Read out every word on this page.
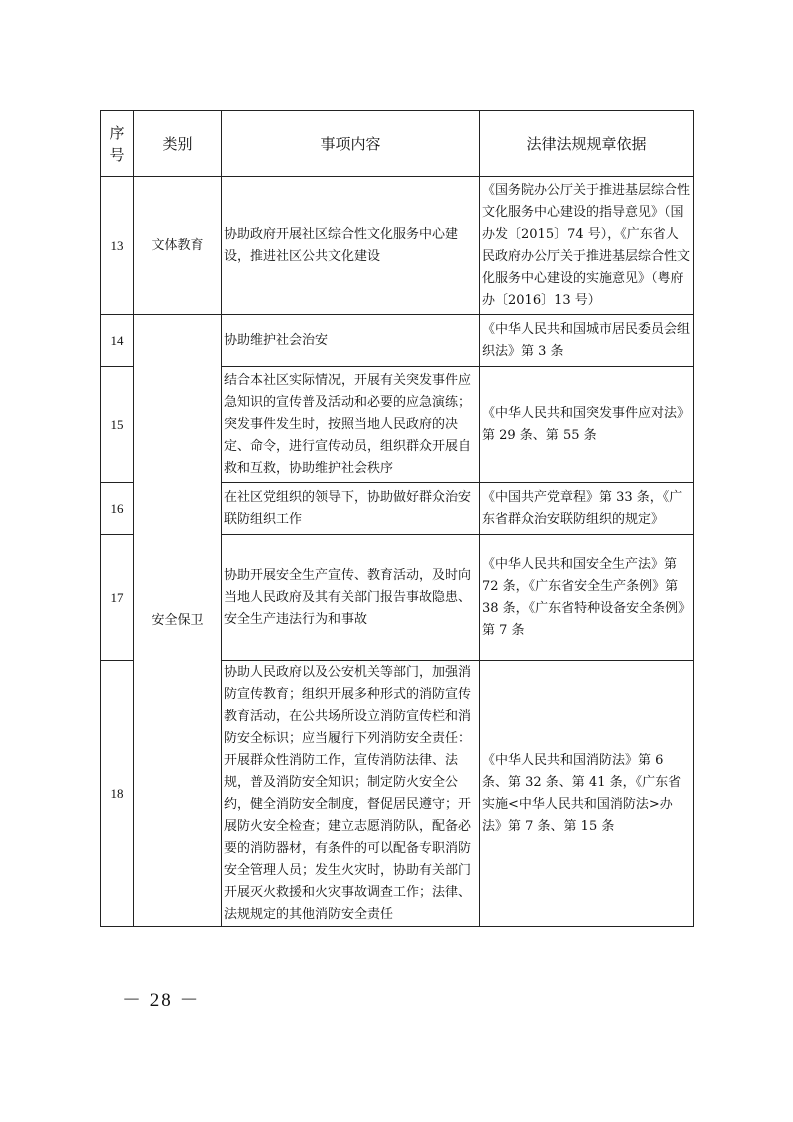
序号	类别	事项内容	法律法规规章依据
13	文体教育	协助政府开展社区综合性文化服务中心建设，推进社区公共文化建设	《国务院办公厅关于推进基层综合性文化服务中心建设的指导意见》（国办发〔2015〕74 号），《广东省人民政府办公厅关于推进基层综合性文化服务中心建设的实施意见》（粤府办〔2016〕13 号）
14	安全保卫	协助维护社会治安	《中华人民共和国城市居民委员会组织法》第 3 条
15		结合本社区实际情况，开展有关突发事件应急知识的宣传普及活动和必要的应急演练；突发事件发生时，按照当地人民政府的决定、命令，进行宣传动员，组织群众开展自救和互救，协助维护社会秩序	《中华人民共和国突发事件应对法》第 29 条、第 55 条
16		在社区党组织的领导下，协助做好群众治安联防组织工作	《中国共产党章程》第 33 条，《广东省群众治安联防组织的规定》
17		协助开展安全生产宣传、教育活动，及时向当地人民政府及其有关部门报告事故隐患、安全生产违法行为和事故	《中华人民共和国安全生产法》第 72 条，《广东省安全生产条例》第 38 条，《广东省特种设备安全条例》第 7 条
18		协助人民政府以及公安机关等部门，加强消防宣传教育；组织开展多种形式的消防宣传教育活动，在公共场所设立消防宣传栏和消防安全标识；应当履行下列消防安全责任：开展群众性消防工作，宣传消防法律、法规，普及消防安全知识；制定防火安全公约，健全消防安全制度，督促居民遵守；开展防火安全检查；建立志愿消防队，配备必要的消防器材，有条件的可以配备专职消防安全管理人员；发生火灾时，协助有关部门开展灭火救援和火灾事故调查工作；法律、法规规定的其他消防安全责任	《中华人民共和国消防法》第 6 条、第 32 条、第 41 条，《广东省实施<中华人民共和国消防法>办法》第 7 条、第 15 条
－ 28 －
